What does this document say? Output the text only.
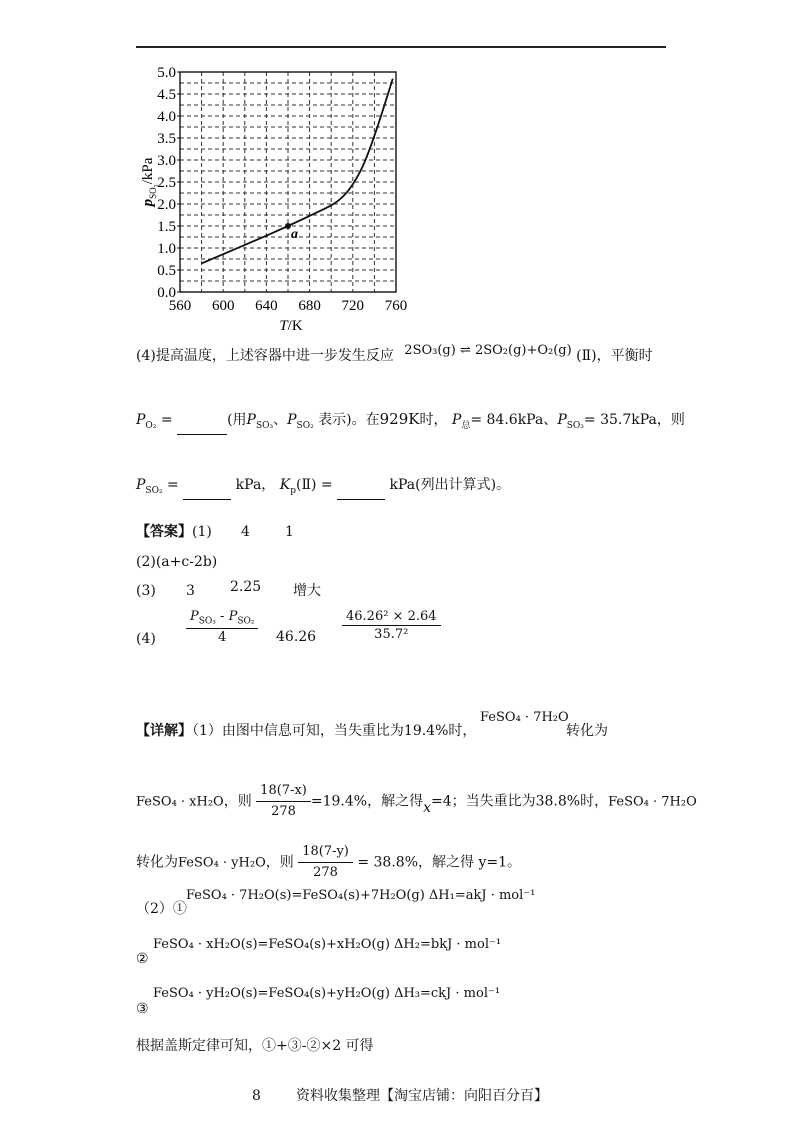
0.0
0.5
1.0
1.5
2.0
2.5
3.0
3.5
4.0
4.5
5.0
560 600 640 680 720 760
a
T/K
$p_{SO_3}$/kPa
(4)提高温度，上述容器中进一步发生反应 2SO₃(g) ⇌ 2SO₂(g)+O₂(g) (Ⅱ)，平衡时
$P_{O_2}$ =	(用$P_{SO_3}$、$P_{SO_2}$ 表示)。在929K时， $P_总= 84.6kPa$、$P_{SO_3}= 35.7kPa$，则
$P_{SO_2}$ =	kPa， $K_p(Ⅱ)$ =	kPa(列出计算式)。
【答案】(1) 4	1
(2)(a+c-2b)
(3) 3	2.25 增大
$(4) \frac{P_{SO_3} - P_{SO_2}}{4} 46.26 \frac{\text{46.26² × 2.64}}{\text{35.7²}}$
【详解】（1）由图中信息可知，当失重比为19.4%时，
FeSO₄ · 7H₂O
转化为
FeSO₄ · xH₂O，则 $\frac{18(7-x)}{278} =19.4\%$，解之得x=4；当失重比为38.8%时，FeSO₄ · 7H₂O
转化为FeSO₄ · yH₂O，则 $\frac{18(7-y)}{278} = 38.8\%$，解之得 y=1。
（2）①
FeSO₄ · 7H₂O(s)=FeSO₄(s)+7H₂O(g) ΔH₁=akJ · mol⁻¹
②
FeSO₄ · xH₂O(s)=FeSO₄(s)+xH₂O(g) ΔH₂=bkJ · mol⁻¹
③
FeSO₄ · yH₂O(s)=FeSO₄(s)+yH₂O(g) ΔH₃=ckJ · mol⁻¹
根据盖斯定律可知，①+③-②×2 可得
8	资料收集整理【淘宝店铺：向阳百分百】
